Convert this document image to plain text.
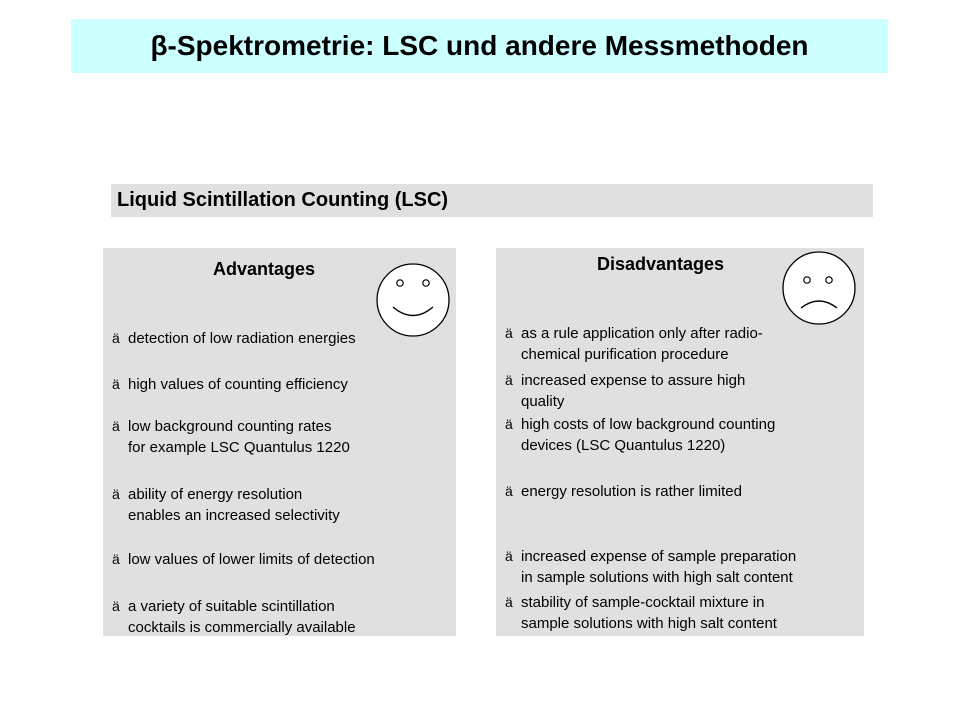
β-Spektrometrie: LSC und andere Messmethoden
Liquid Scintillation Counting (LSC)
Advantages
ä detection of low radiation energies
ä high values of counting efficiency
ä low background counting rates
for example LSC Quantulus 1220
ä ability of energy resolution
enables an increased selectivity
ä low values of lower limits of detection
ä a variety of suitable scintillation
cocktails is commercially available
Disadvantages
ä as a rule application only after radio-
chemical purification procedure
ä increased expense to assure high
quality
ä high costs of low background counting
devices (LSC Quantulus 1220)
ä energy resolution is rather limited
ä increased expense of sample preparation
in sample solutions with high salt content
ä stability of sample-cocktail mixture in
sample solutions with high salt content
